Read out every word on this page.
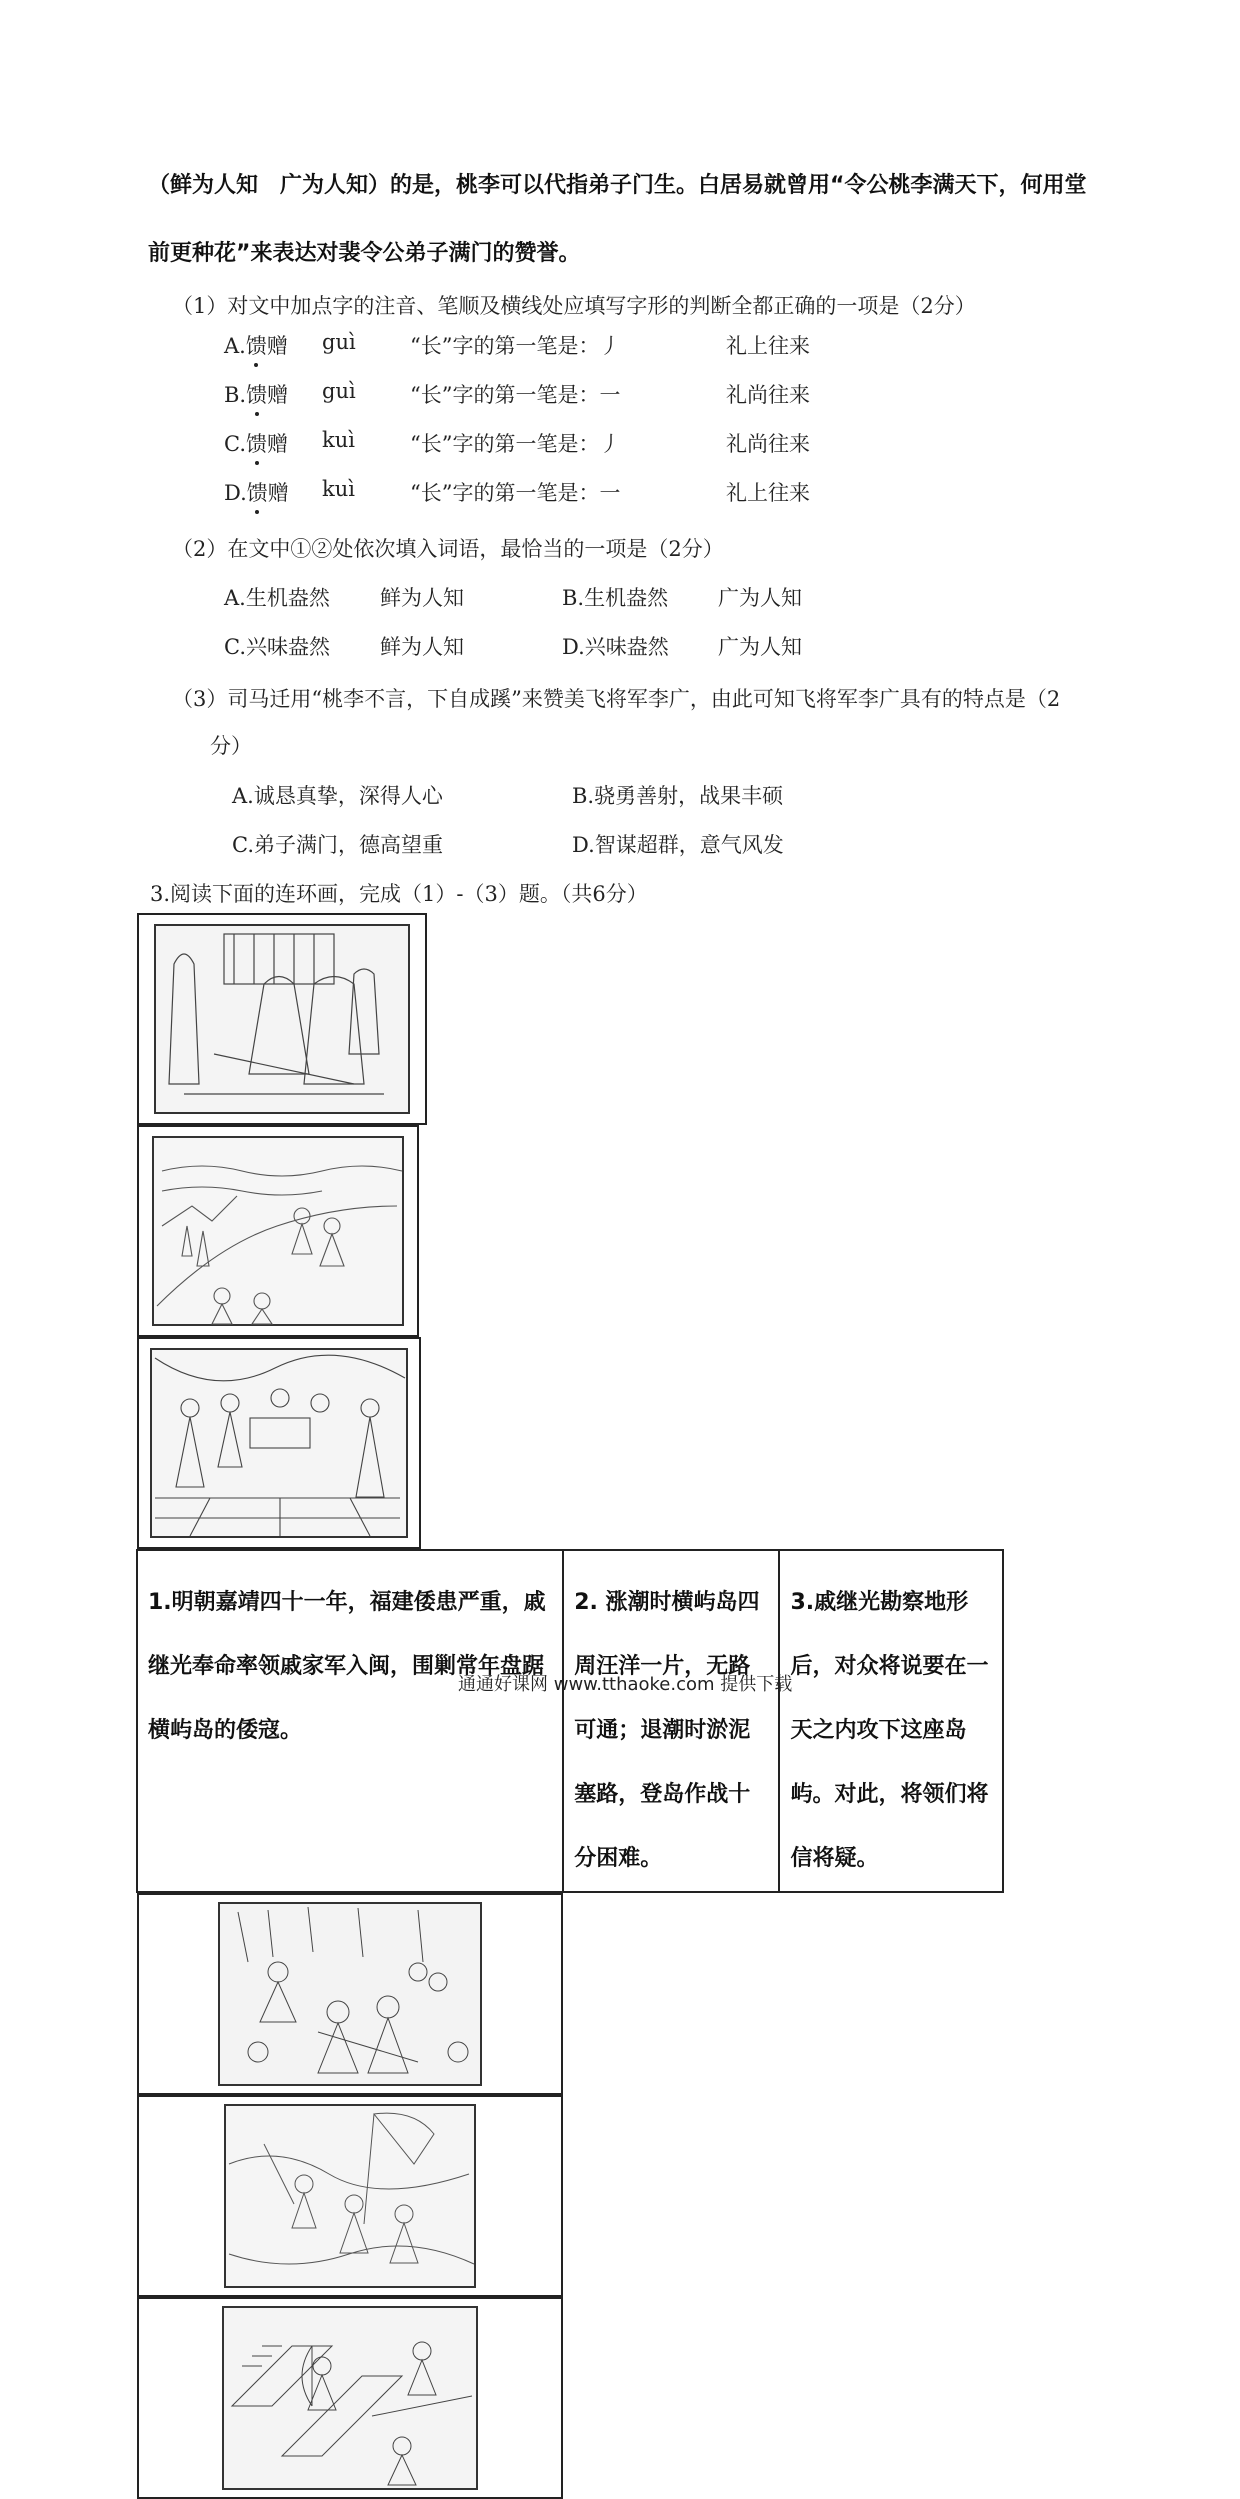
（鲜为人知　广为人知）的是，桃李可以代指弟子门生。白居易就曾用“令公桃李满天下，何用堂
前更种花”来表达对裴令公弟子满门的赞誉。
（1）对文中加点字的注音、笔顺及横线处应填写字形的判断全都正确的一项是（2分）
A.馈赠 guì	“长”字的第一笔是：丿	礼上往来
B.馈赠 guì	“长”字的第一笔是：一	礼尚往来
C.馈赠 kuì	“长”字的第一笔是：丿	礼尚往来
D.馈赠 kuì	“长”字的第一笔是：一	礼上往来
（2）在文中①②处依次填入词语，最恰当的一项是（2分）
A.生机盎然 鲜为人知	B.生机盎然 广为人知
C.兴味盎然 鲜为人知	D.兴味盎然 广为人知
（3）司马迁用“桃李不言，下自成蹊”来赞美飞将军李广，由此可知飞将军李广具有的特点是（2
分）
A.诚恳真挚，深得人心	B.骁勇善射，战果丰硕
C.弟子满门，德高望重	D.智谋超群，意气风发
3.阅读下面的连环画，完成（1）-（3）题。（共6分）

1.明朝嘉靖四十一年，福建倭患严重，戚继光奉命率领戚家军入闽，围剿常年盘踞横屿岛的倭寇。	2. 涨潮时横屿岛四周汪洋一片，无路可通；退潮时淤泥塞路，登岛作战十分困难。	3.戚继光勘察地形后，对众将说要在一天之内攻下这座岛屿。对此，将领们将信将疑。

通通好课网 www.tthaoke.com 提供下载
